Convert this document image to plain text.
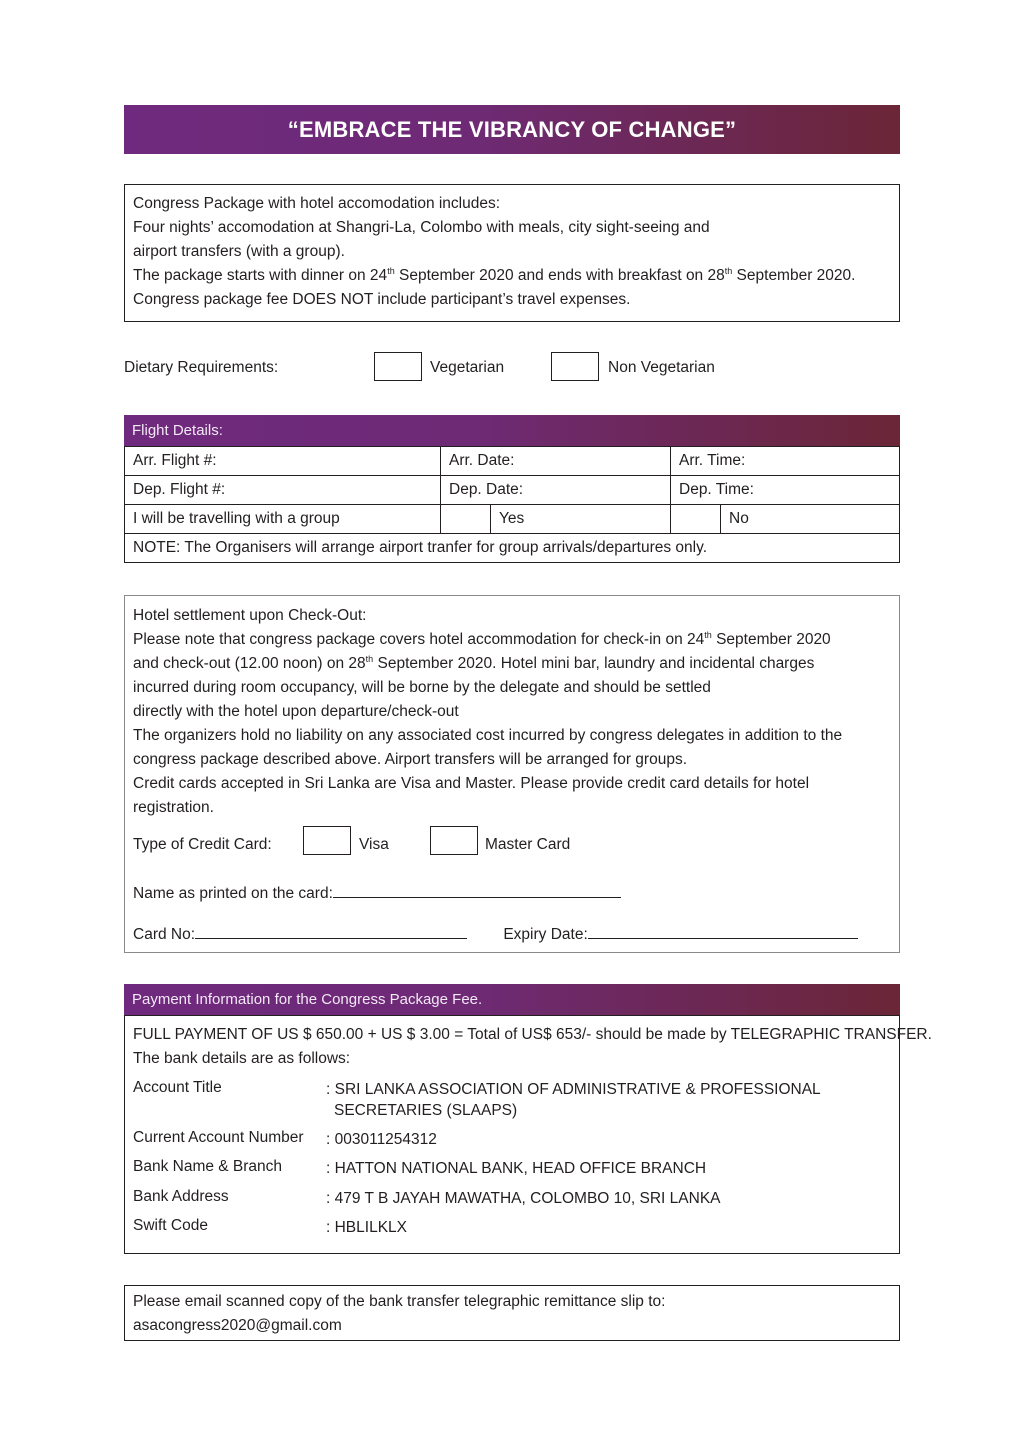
“EMBRACE THE VIBRANCY OF CHANGE”

Congress Package with hotel accomodation includes:

Four nights’ accomodation at Shangri-La, Colombo with meals, city sight-seeing and

airport transfers (with a group).

The package starts with dinner on 24th September 2020 and ends with breakfast on 28th September 2020.

Congress package fee DOES NOT include participant’s travel expenses.

Dietary Requirements:	Vegetarian	Non Vegetarian
Flight Details:
Arr. Flight #:	Arr. Date:		Arr. Time:	
Dep. Flight #:	Dep. Date:		Dep. Time:	
I will be travelling with a group		Yes		No
NOTE: The Organisers will arrange airport tranfer for group arrivals/departures only.				

Hotel settlement upon Check-Out:

Please note that congress package covers hotel accommodation for check-in on 24th September 2020

and check-out (12.00 noon) on 28th September 2020. Hotel mini bar, laundry and incidental charges

incurred during room occupancy, will be borne by the delegate and should be settled

directly with the hotel upon departure/check-out

The organizers hold no liability on any associated cost incurred by congress delegates in addition to the

congress package described above. Airport transfers will be arranged for groups.

Credit cards accepted in Sri Lanka are Visa and Master. Please provide credit card details for hotel

registration.

Type of Credit Card:	Visa	Master Card
Name as printed on the card:
Card No:	Expiry Date:
Payment Information for the Congress Package Fee.
FULL PAYMENT OF US $ 650.00 + US $ 3.00 = Total of US$ 653/- should be made by TELEGRAPHIC TRANSFER.
The bank details are as follows:
Account Title	: SRI LANKA ASSOCIATION OF ADMINISTRATIVE & PROFESSIONAL
SECRETARIES (SLAAPS)
Current Account Number : 003011254312
Bank Name & Branch	: HATTON NATIONAL BANK, HEAD OFFICE BRANCH
Bank Address	: 479 T B JAYAH MAWATHA, COLOMBO 10, SRI LANKA
Swift Code	: HBLILKLX
Please email scanned copy of the bank transfer telegraphic remittance slip to:
asacongress2020@gmail.com
